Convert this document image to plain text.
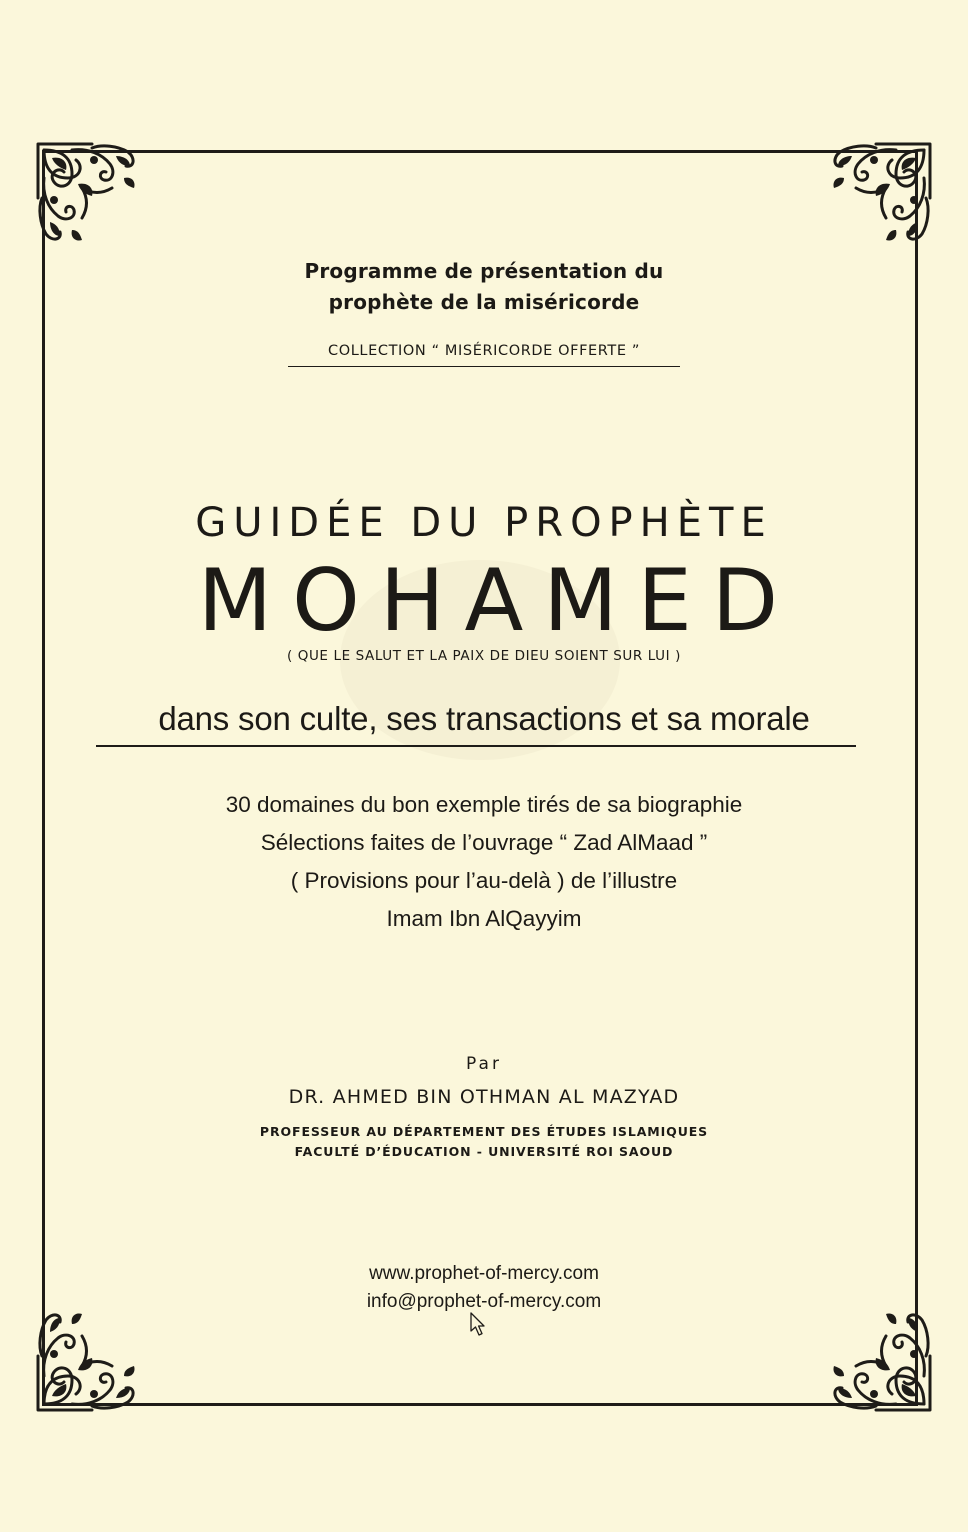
Programme de présentation du
prophète de la miséricorde
COLLECTION “ MISÉRICORDE OFFERTE ”
GUIDÉE DU PROPHÈTE
MOHAMED
( QUE LE SALUT ET LA PAIX DE DIEU SOIENT SUR LUI )
dans son culte, ses transactions et sa morale
30 domaines du bon exemple tirés de sa biographie
Sélections faites de l’ouvrage “ Zad AlMaad ”
( Provisions pour l’au-delà ) de l’illustre
Imam Ibn AlQayyim
Par
DR. AHMED BIN OTHMAN AL MAZYAD
PROFESSEUR AU DÉPARTEMENT DES ÉTUDES ISLAMIQUES
FACULTÉ D’ÉDUCATION - UNIVERSITÉ ROI SAOUD
www.prophet-of-mercy.com
info@prophet-of-mercy.com
